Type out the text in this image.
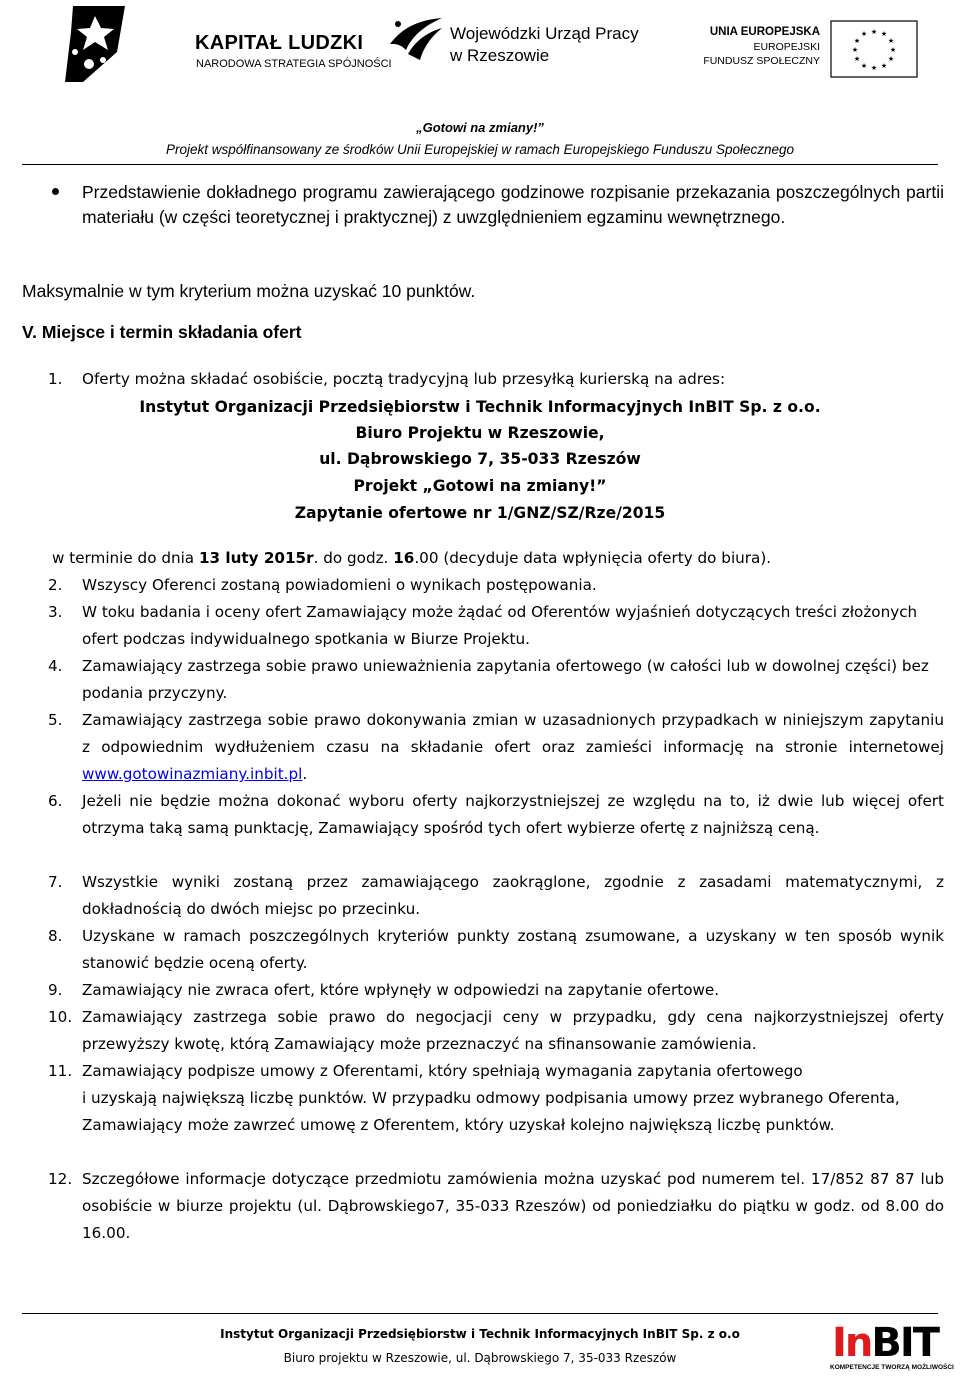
KAPITAŁ LUDZKI
NARODOWA STRATEGIA SPÓJNOŚCI
Wojewódzki Urząd Pracy
w Rzeszowie
UNIA EUROPEJSKA
EUROPEJSKI
FUNDUSZ SPOŁECZNY
★ ★
★
★
★
★
★
★
★
★
★
★
„Gotowi na zmiany!”
Projekt współfinansowany ze środków Unii Europejskiej w ramach Europejskiego Funduszu Społecznego
Przedstawienie dokładnego programu zawierającego godzinowe rozpisanie przekazania poszczególnych partii materiału (w części teoretycznej i praktycznej) z uwzględnieniem egzaminu wewnętrznego.
Maksymalnie w tym kryterium można uzyskać 10 punktów.
V. Miejsce i termin składania ofert
1. Oferty można składać osobiście, pocztą tradycyjną lub przesyłką kurierską na adres:
Instytut Organizacji Przedsiębiorstw i Technik Informacyjnych InBIT Sp. z o.o.
Biuro Projektu w Rzeszowie,
ul. Dąbrowskiego 7, 35-033 Rzeszów
Projekt „Gotowi na zmiany!”
Zapytanie ofertowe nr 1/GNZ/SZ/Rze/2015
w terminie do dnia 13 luty 2015r. do godz. 16.00 (decyduje data wpłynięcia oferty do biura).
2. Wszyscy Oferenci zostaną powiadomieni o wynikach postępowania.
3. W toku badania i oceny ofert Zamawiający może żądać od Oferentów wyjaśnień dotyczących treści złożonych ofert podczas indywidualnego spotkania w Biurze Projektu.
4. Zamawiający zastrzega sobie prawo unieważnienia zapytania ofertowego (w całości lub w dowolnej części) bez podania przyczyny.
5. Zamawiający zastrzega sobie prawo dokonywania zmian w uzasadnionych przypadkach w niniejszym zapytaniu z odpowiednim wydłużeniem czasu na składanie ofert oraz zamieści informację na stronie internetowej www.gotowinazmiany.inbit.pl.
6. Jeżeli nie będzie można dokonać wyboru oferty najkorzystniejszej ze względu na to, iż dwie lub więcej ofert otrzyma taką samą punktację, Zamawiający spośród tych ofert wybierze ofertę z najniższą ceną.
7. Wszystkie wyniki zostaną przez zamawiającego zaokrąglone, zgodnie z zasadami matematycznymi, z dokładnością do dwóch miejsc po przecinku.
8. Uzyskane w ramach poszczególnych kryteriów punkty zostaną zsumowane, a uzyskany w ten sposób wynik stanowić będzie oceną oferty.
9. Zamawiający nie zwraca ofert, które wpłynęły w odpowiedzi na zapytanie ofertowe.
10. Zamawiający zastrzega sobie prawo do negocjacji ceny w przypadku, gdy cena najkorzystniejszej oferty przewyższy kwotę, którą Zamawiający może przeznaczyć na sfinansowanie zamówienia.
11. Zamawiający podpisze umowy z Oferentami, który spełniają wymagania zapytania ofertowego
i uzyskają największą liczbę punktów. W przypadku odmowy podpisania umowy przez wybranego Oferenta, Zamawiający może zawrzeć umowę z Oferentem, który uzyskał kolejno największą liczbę punktów.
12. Szczegółowe informacje dotyczące przedmiotu zamówienia można uzyskać pod numerem tel. 17/852 87 87 lub osobiście w biurze projektu (ul. Dąbrowskiego7, 35-033 Rzeszów) od poniedziałku do piątku w godz. od 8.00 do 16.00.
Instytut Organizacji Przedsiębiorstw i Technik Informacyjnych InBIT Sp. z o.o
Biuro projektu w Rzeszowie, ul. Dąbrowskiego 7, 35-033 Rzeszów	InBIT
KOMPETENCJE TWORZĄ MOŻLIWOŚCI
